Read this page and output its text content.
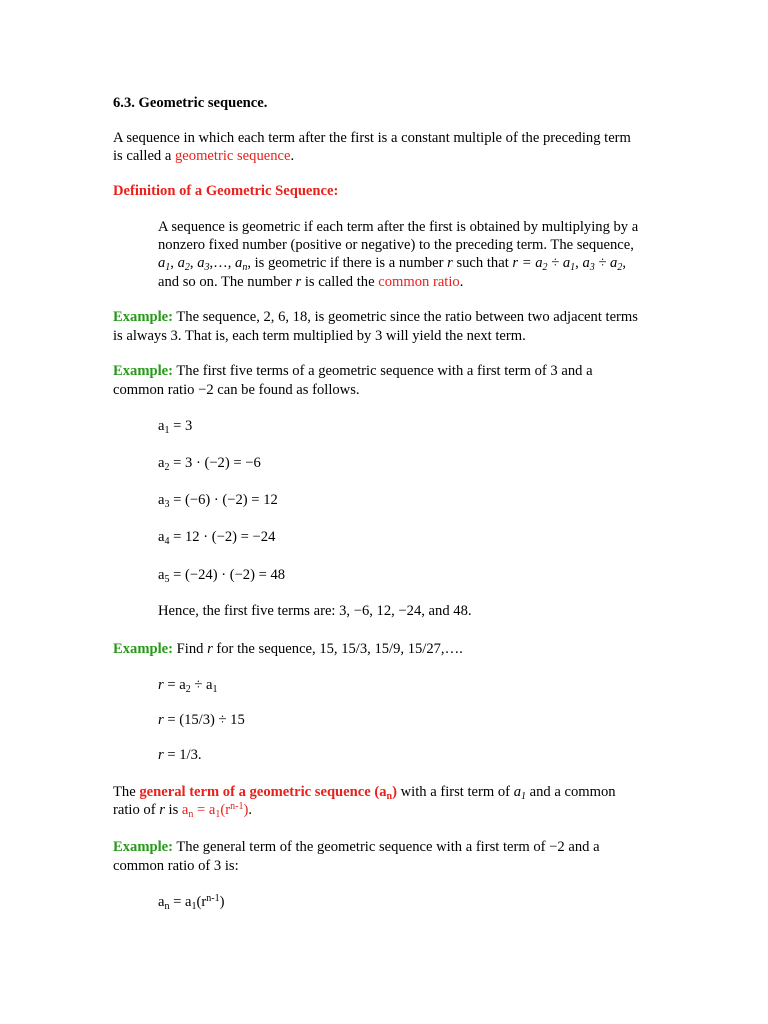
6.3. Geometric sequence.
A sequence in which each term after the first is a constant multiple of the preceding term
is called a geometric sequence.
Definition of a Geometric Sequence:
A sequence is geometric if each term after the first is obtained by multiplying by a
nonzero fixed number (positive or negative) to the preceding term. The sequence,
$a_1$, $a_2$, $a_3,\dots$, $a_n$, is geometric if there is a number r such that $r = a_2 \div a_1$, $a_3 \div a_2$,
and so on. The number r is called the common ratio.
Example: The sequence, 2, 6, 18, is geometric since the ratio between two adjacent terms
is always 3. That is, each term multiplied by 3 will yield the next term.
Example: The first five terms of a geometric sequence with a first term of 3 and a
common ratio −2 can be found as follows.
$a_1 = 3$
$a_2 = 3 \cdot (-2) = -6$
$a_3 = (-6) \cdot (-2) = 12$
$a_4 = 12 \cdot (-2) = -24$
$a_5 = (-24) \cdot (-2) = 48$
Hence, the first five terms are: 3, −6, 12, −24, and 48.
Example: Find r for the sequence, 15, 15/3, 15/9, 15/27,….
$r = a_2 \div a_1$
r = (15/3) ÷ 15
r = 1/3.
The general term of a geometric sequence $(a_n)$ with a first term of $a_1$ and a common
ratio of r is $a_n = a_1(r^{n-1})$.
Example: The general term of the geometric sequence with a first term of −2 and a
common ratio of 3 is:
$a_n = a_1(r^{n-1})$
